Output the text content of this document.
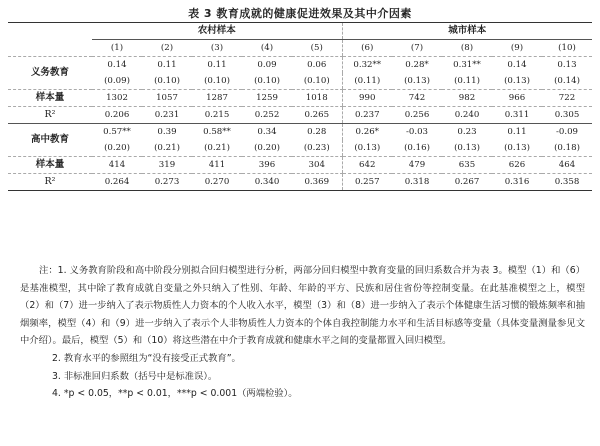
表 3 教育成就的健康促进效果及其中介因素
	农村样本					城市样本				
	(1)	(2)	(3)	(4)	(5)	(6)	(7)	(8)	(9)	(10)
义务教育	0.14	0.11	0.11	0.09	0.06	0.32**	0.28*	0.31**	0.14	0.13
	(0.09)	(0.10)	(0.10)	(0.10)	(0.10)	(0.11)	(0.13)	(0.11)	(0.13)	(0.14)
样本量	1302	1057	1287	1259	1018	990	742	982	966	722
R²	0.206	0.231	0.215	0.252	0.265	0.237	0.256	0.240	0.311	0.305
高中教育	0.57**	0.39	0.58**	0.34	0.28	0.26*	-0.03	0.23	0.11	-0.09
	(0.20)	(0.21)	(0.21)	(0.20)	(0.23)	(0.13)	(0.16)	(0.13)	(0.13)	(0.18)
样本量	414	319	411	396	304	642	479	635	626	464
R²	0.264	0.273	0.270	0.340	0.369	0.257	0.318	0.267	0.316	0.358

注：1. 义务教育阶段和高中阶段分别拟合回归模型进行分析，两部分回归模型中教育变量的回归系数合并为表 3。模型（1）和（6）是基准模型，其中除了教育成就自变量之外只纳入了性别、年龄、年龄的平方、民族和居住省份等控制变量。在此基准模型之上，模型（2）和（7）进一步纳入了表示物质性人力资本的个人收入水平，模型（3）和（8）进一步纳入了表示个体健康生活习惯的锻炼频率和抽烟频率，模型（4）和（9）进一步纳入了表示个人非物质性人力资本的个体自我控制能力水平和生活目标感等变量（具体变量测量参见文中介绍）。最后，模型（5）和（10）将这些潜在中介于教育成就和健康水平之间的变量都置入回归模型。

2. 教育水平的参照组为“没有接受正式教育”。

3. 非标准回归系数（括号中是标准误）。

4. *p < 0.05，**p < 0.01，***p < 0.001（两端检验）。
